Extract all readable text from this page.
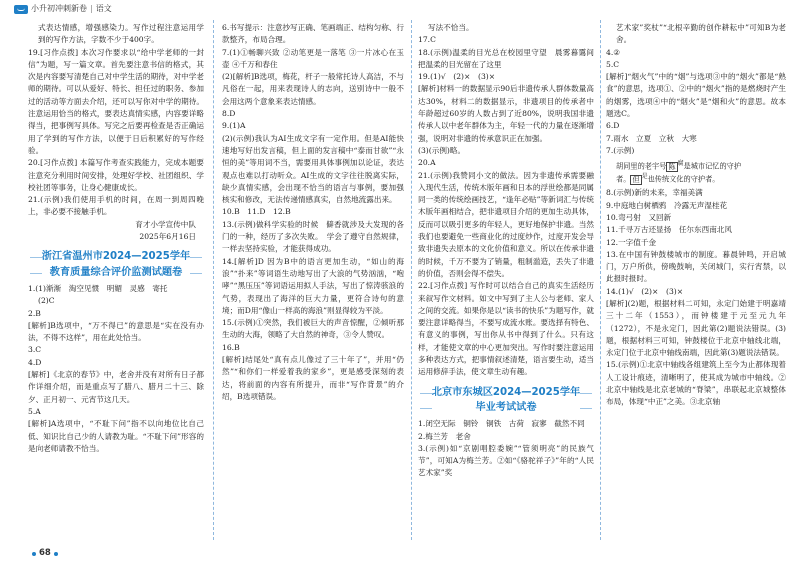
小升初冲刺新卷 | 语文

式表达情感，增强感染力。写作过程注意运用学到的写作方法，字数不少于400字。

19.[习作点拨] 本次习作要求以“给中学老师的一封信”为题，写一篇文章。首先要注意书信的格式，其次是内容要写清楚自己对中学生活的期待，对中学老师的期待。可以从爱好、特长、担任过的职务、参加过的活动等方面去介绍，还可以写你对中学的期待。注意运用恰当的格式，要表达真情实感，内容要详略得当，把事例写具体。写完之后要再检查是否正确运用了学到的写作方法，以便于日后积累好的写作经验。

20.[习作点拨] 本篇写作考查实践能力，完成本题要注意充分利用时间安排，处理好学校、社团组织、学校社团等事务，让身心健康成长。

21.(示例)我们使用手机的时间，在周一到周四晚上，非必要不接触手机。

育才小学宣传中队

2025年6月16日

浙江省温州市2024—2025学年
教育质量综合评价监测试题卷

1.(1)渐渐　淘空见惯　明媚　灵感　寄托

(2)C

2.B

[解析]B选项中，“万不得已”的意思是“实在没有办法，不得不这样”，用在此处恰当。

3.C

4.D

[解析]《北京的春节》中，老舍并没有对所有日子都作详细介绍，而是重点写了腊八、腊月二十三、除夕、正月初一、元宵节这几天。

5.A

[解析]A选项中，“不耻下问”指不以向地位比自己低、知识比自己少的人请教为耻。“不耻下问”形容的是向老师请教不恰当。

6.书写提示：注意抄写正确、笔画端正、结构匀称、行款整齐，布局合理。

7.(1)①畅聊兴致 ②动笔更是一落笔 ③一片冰心在玉壶 ④千万和春住

(2)[解析]B选项，梅花，杆子一般常托诗人高洁，不与凡俗在一起，用来表现诗人的志向，送别诗中一般不会用这两个意象来表达情感。

8.D

9.(1)A

(2)(示例)我认为AI生成文字有一定作用。但是AI能快速地写好出发言稿，但上面的发言稿中“泰而甘欲”“永恒的美”等用词不当，需要用具体事例加以论证，表达观点也难以打动听众。AI生成的文字往往脱离实际，缺少真情实感，会出现不恰当的语言与事例，要加强核实和修改，无法传递情感真实，自然地流露出来。

10.B　11.D　12.B

13.(示例)做科学实验的时候　僻香就涉及大发现的各门的一种，经历了多次失败。　学会了遵守自然规律，一样去坚持实验，才能获得成功。

14.[解析]D 因为B中的语言更加生动，“如山的海浪”“扑来”等词语生动地写出了大浪的气势汹汹，“咆哮”“黑压压”等词语运用拟人手法，写出了惊涛骇浪的气势，表现出了海洋的巨大力量，更符合诗句的意境；而D用“像山一样高的海浪”则显得较为平淡。

15.(示例)①突然，我们被巨大的声音惊醒，②倾听那生动的大海，领略了大自然的神奇，③令人赞叹。

16.B

[解析]结尾处“真有点儿像过了三十年了”，并用“仍然”“和你们一样爱着我的家乡”，更是感受深刻的表达，将前面的内容有所提升，而非“写作背景”的介绍，B选项错误。

写法不恰当。

17.C

18.(示例)温柔的目光总在校园里守望　晨雾暮霭间把温柔的目光留在了这里

19.(1)√　(2)×　(3)×

[解析]材料一的数据显示90后非遗传承人群体数量高达30%，材料二的数据显示，非遗项目的传承者中年龄超过60岁的人数占到了近80%，说明我国非遗传承人以中老年群体为主，年轻一代的力量在逐渐增强，说明对非遗的传承意识正在加强。

(3)(示例)略。

20.A

21.(示例)我赞同小文的做法。因为非遗传承需要融入现代生活，传统木版年画和日本的浮世绘都是同属同一类的传统绘画技艺，“逢年必贴”等新词汇与传统木版年画相结合，把非遗项目介绍的更加生动具体，反而可以吸引更多的年轻人，更好地保护非遗。当然我们也要避免一些商业化的过度炒作，过度开发会导致非遗失去原本的文化价值和意义。所以在传承非遗的时候，千万不要为了销量，粗制滥造，丢失了非遗的价值，否则会得不偿失。

22.[习作点拨] 写作时可以结合自己的真实生活经历来叙写作文材料。如文中写到了主人公与老师、家人之间的交流。如果你是以“读书的快乐”为题写作，就要注意详略得当，不要写成流水账。要选择有特色、有意义的事例，写出你从书中得到了什么。只有这样，才能使文章的中心更加突出。写作时要注意运用多种表达方式，把事情叙述清楚，语言要生动，适当运用修辞手法，使文章生动有趣。

北京市东城区2024—2025学年
毕业考试试卷

1.闭空无际　铜铃　铜铁　古荷　寂寥　截然不同

2.梅兰芳　老舍

3.(示例)如“京剧唱腔委婉”“管须明亮”的民族气节”，可知A为梅兰芳。②如“《骆驼祥子》”年的“人民艺术家”奖

艺术家”奖杖”“北根辛勤的创作耕耘中”可知B为老舍。

4.②

5.C

[解析]“烟火气”中的“烟”与选项③中的“烟火”都是“熟食”的意思，选项①、②中的“烟火”指的是燃烧时产生的烟雾，选项④中的“烟火”是“烟和火”的意思。故本题选C。

6.D

7.雨水　立夏　立秋　大寒

7.(示例)

胡同里的老宇号 陈 $^腐$是城市记忆的守护
者。 但 $^是$也传统文化的守护者。

8.(示例)新的未来，幸福美满

9.中庭地白树栖鸦　冷露无声湿桂花

10.弯弓射　又回新

11.千寻万古还显扬　任尔东西南北风

12.一字值千金

13.在中国有钟鼓楼城市的制度。暮晨钟鸣，开启城门，万户所供，傍晚鼓响，关闭城门，实行宵禁，以此报时报时。

14.(1)√　(2)×　(3)×

[解析](2)题，根据材料二可知，永定门始建于明嘉靖三十二年（1553），而钟楼建于元至元九年（1272），不是永定门，因此第(2)题说法错误。(3)题，根据材料三可知，钟鼓楼位于北京中轴线北端，永定门位于北京中轴线南端，因此第(3)题说法错误。

15.(示例)①北京中轴线各组建筑上至今为止都体现着人工设计痕迹，清晰明了，使其成为城市中轴线。②北京中轴线是北京老城的“脊梁”，串联起北京城整体布局，体现“中正”之美。③北京轴

68
